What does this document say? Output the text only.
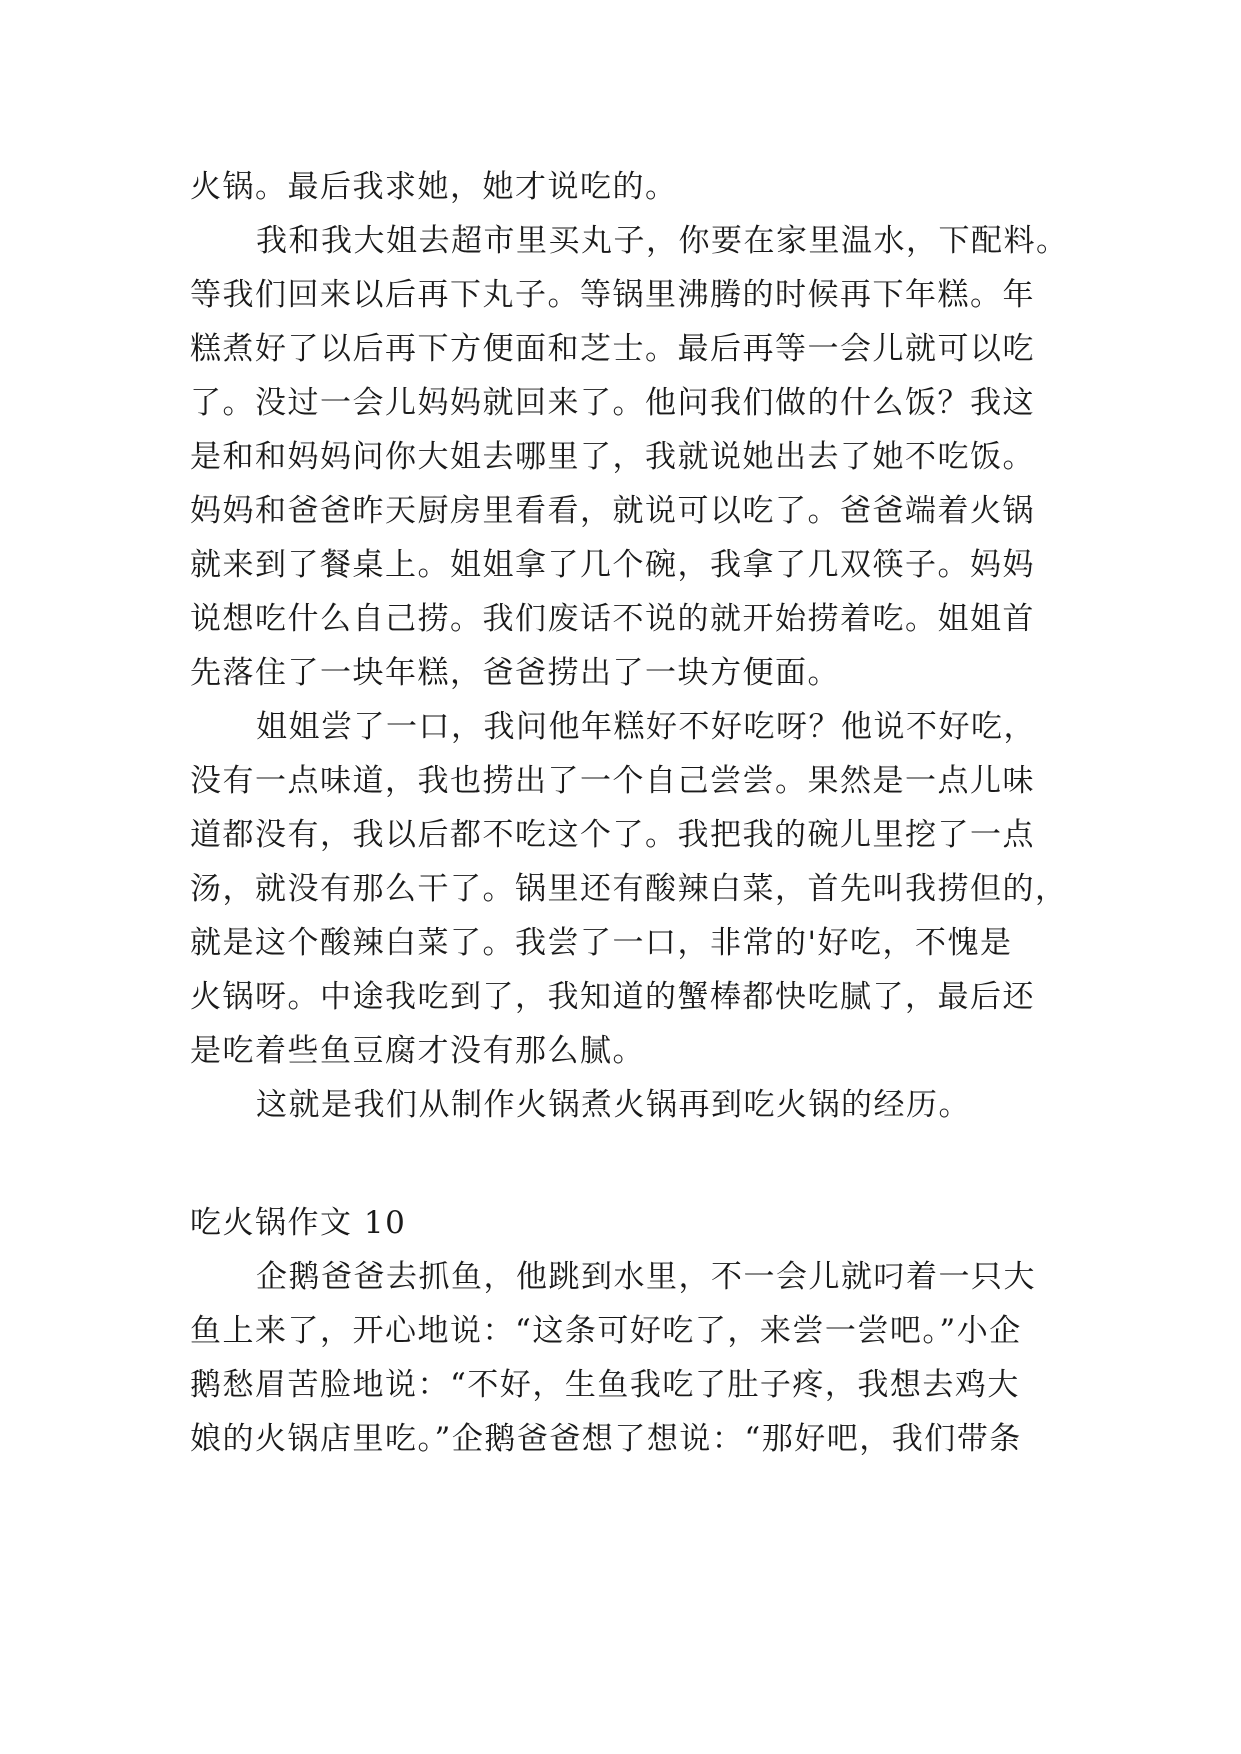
火锅。最后我求她，她才说吃的。
我和我大姐去超市里买丸子，你要在家里温水，下配料。
等我们回来以后再下丸子。等锅里沸腾的时候再下年糕。年
糕煮好了以后再下方便面和芝士。最后再等一会儿就可以吃
了。没过一会儿妈妈就回来了。他问我们做的什么饭？我这
是和和妈妈问你大姐去哪里了，我就说她出去了她不吃饭。
妈妈和爸爸昨天厨房里看看，就说可以吃了。爸爸端着火锅
就来到了餐桌上。姐姐拿了几个碗，我拿了几双筷子。妈妈
说想吃什么自己捞。我们废话不说的就开始捞着吃。姐姐首
先落住了一块年糕，爸爸捞出了一块方便面。
姐姐尝了一口，我问他年糕好不好吃呀？他说不好吃，
没有一点味道，我也捞出了一个自己尝尝。果然是一点儿味
道都没有，我以后都不吃这个了。我把我的碗儿里挖了一点
汤，就没有那么干了。锅里还有酸辣白菜，首先叫我捞但的，
就是这个酸辣白菜了。我尝了一口，非常的'好吃，不愧是
火锅呀。中途我吃到了，我知道的蟹棒都快吃腻了，最后还
是吃着些鱼豆腐才没有那么腻。
这就是我们从制作火锅煮火锅再到吃火锅的经历。
吃火锅作文 10
企鹅爸爸去抓鱼，他跳到水里，不一会儿就叼着一只大
鱼上来了，开心地说：“这条可好吃了，来尝一尝吧。”小企
鹅愁眉苦脸地说：“不好，生鱼我吃了肚子疼，我想去鸡大
娘的火锅店里吃。”企鹅爸爸想了想说：“那好吧，我们带条
